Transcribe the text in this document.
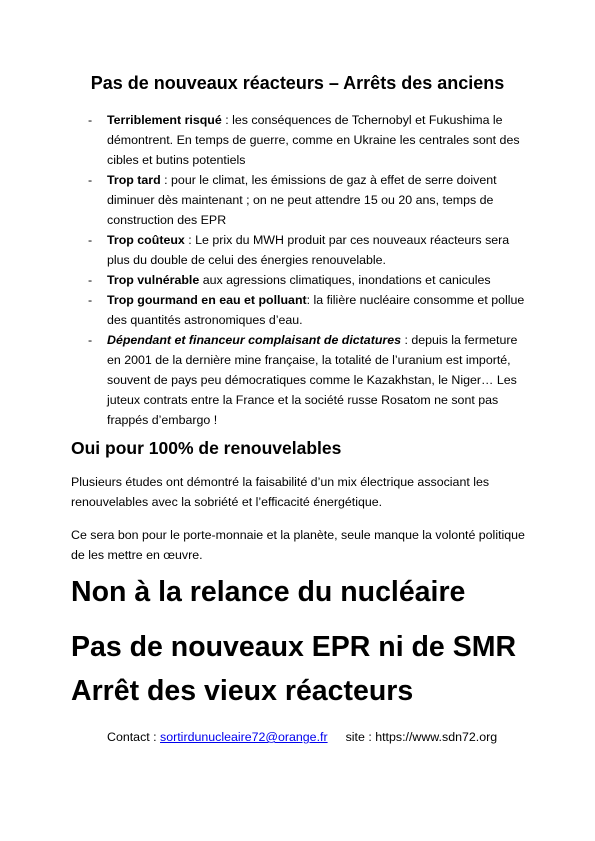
Pas de nouveaux réacteurs – Arrêts des anciens
- Terriblement risqué : les conséquences de Tchernobyl et Fukushima le démontrent. En temps de guerre, comme en Ukraine les centrales sont des cibles et butins potentiels
- Trop tard : pour le climat, les émissions de gaz à effet de serre doivent diminuer dès maintenant ; on ne peut attendre 15 ou 20 ans, temps de construction des EPR
- Trop coûteux : Le prix du MWH produit par ces nouveaux réacteurs sera plus du double de celui des énergies renouvelable.
- Trop vulnérable aux agressions climatiques, inondations et canicules
- Trop gourmand en eau et polluant: la filière nucléaire consomme et pollue des quantités astronomiques d’eau.
- Dépendant et financeur complaisant de dictatures : depuis la fermeture en 2001 de la dernière mine française, la totalité de l’uranium est importé, souvent de pays peu démocratiques comme le Kazakhstan, le Niger… Les juteux contrats entre la France et la société russe Rosatom ne sont pas frappés d’embargo !
Oui pour 100% de renouvelables

Plusieurs études ont démontré la faisabilité d’un mix électrique associant les renouvelables avec la sobriété et l’efficacité énergétique.

Ce sera bon pour le porte-monnaie et la planète, seule manque la volonté politique de les mettre en œuvre.

Non à la relance du nucléaire
Pas de nouveaux EPR ni de SMR
Arrêt des vieux réacteurs
Contact : sortirdunucleaire72@orange.fr site : https://www.sdn72.org
